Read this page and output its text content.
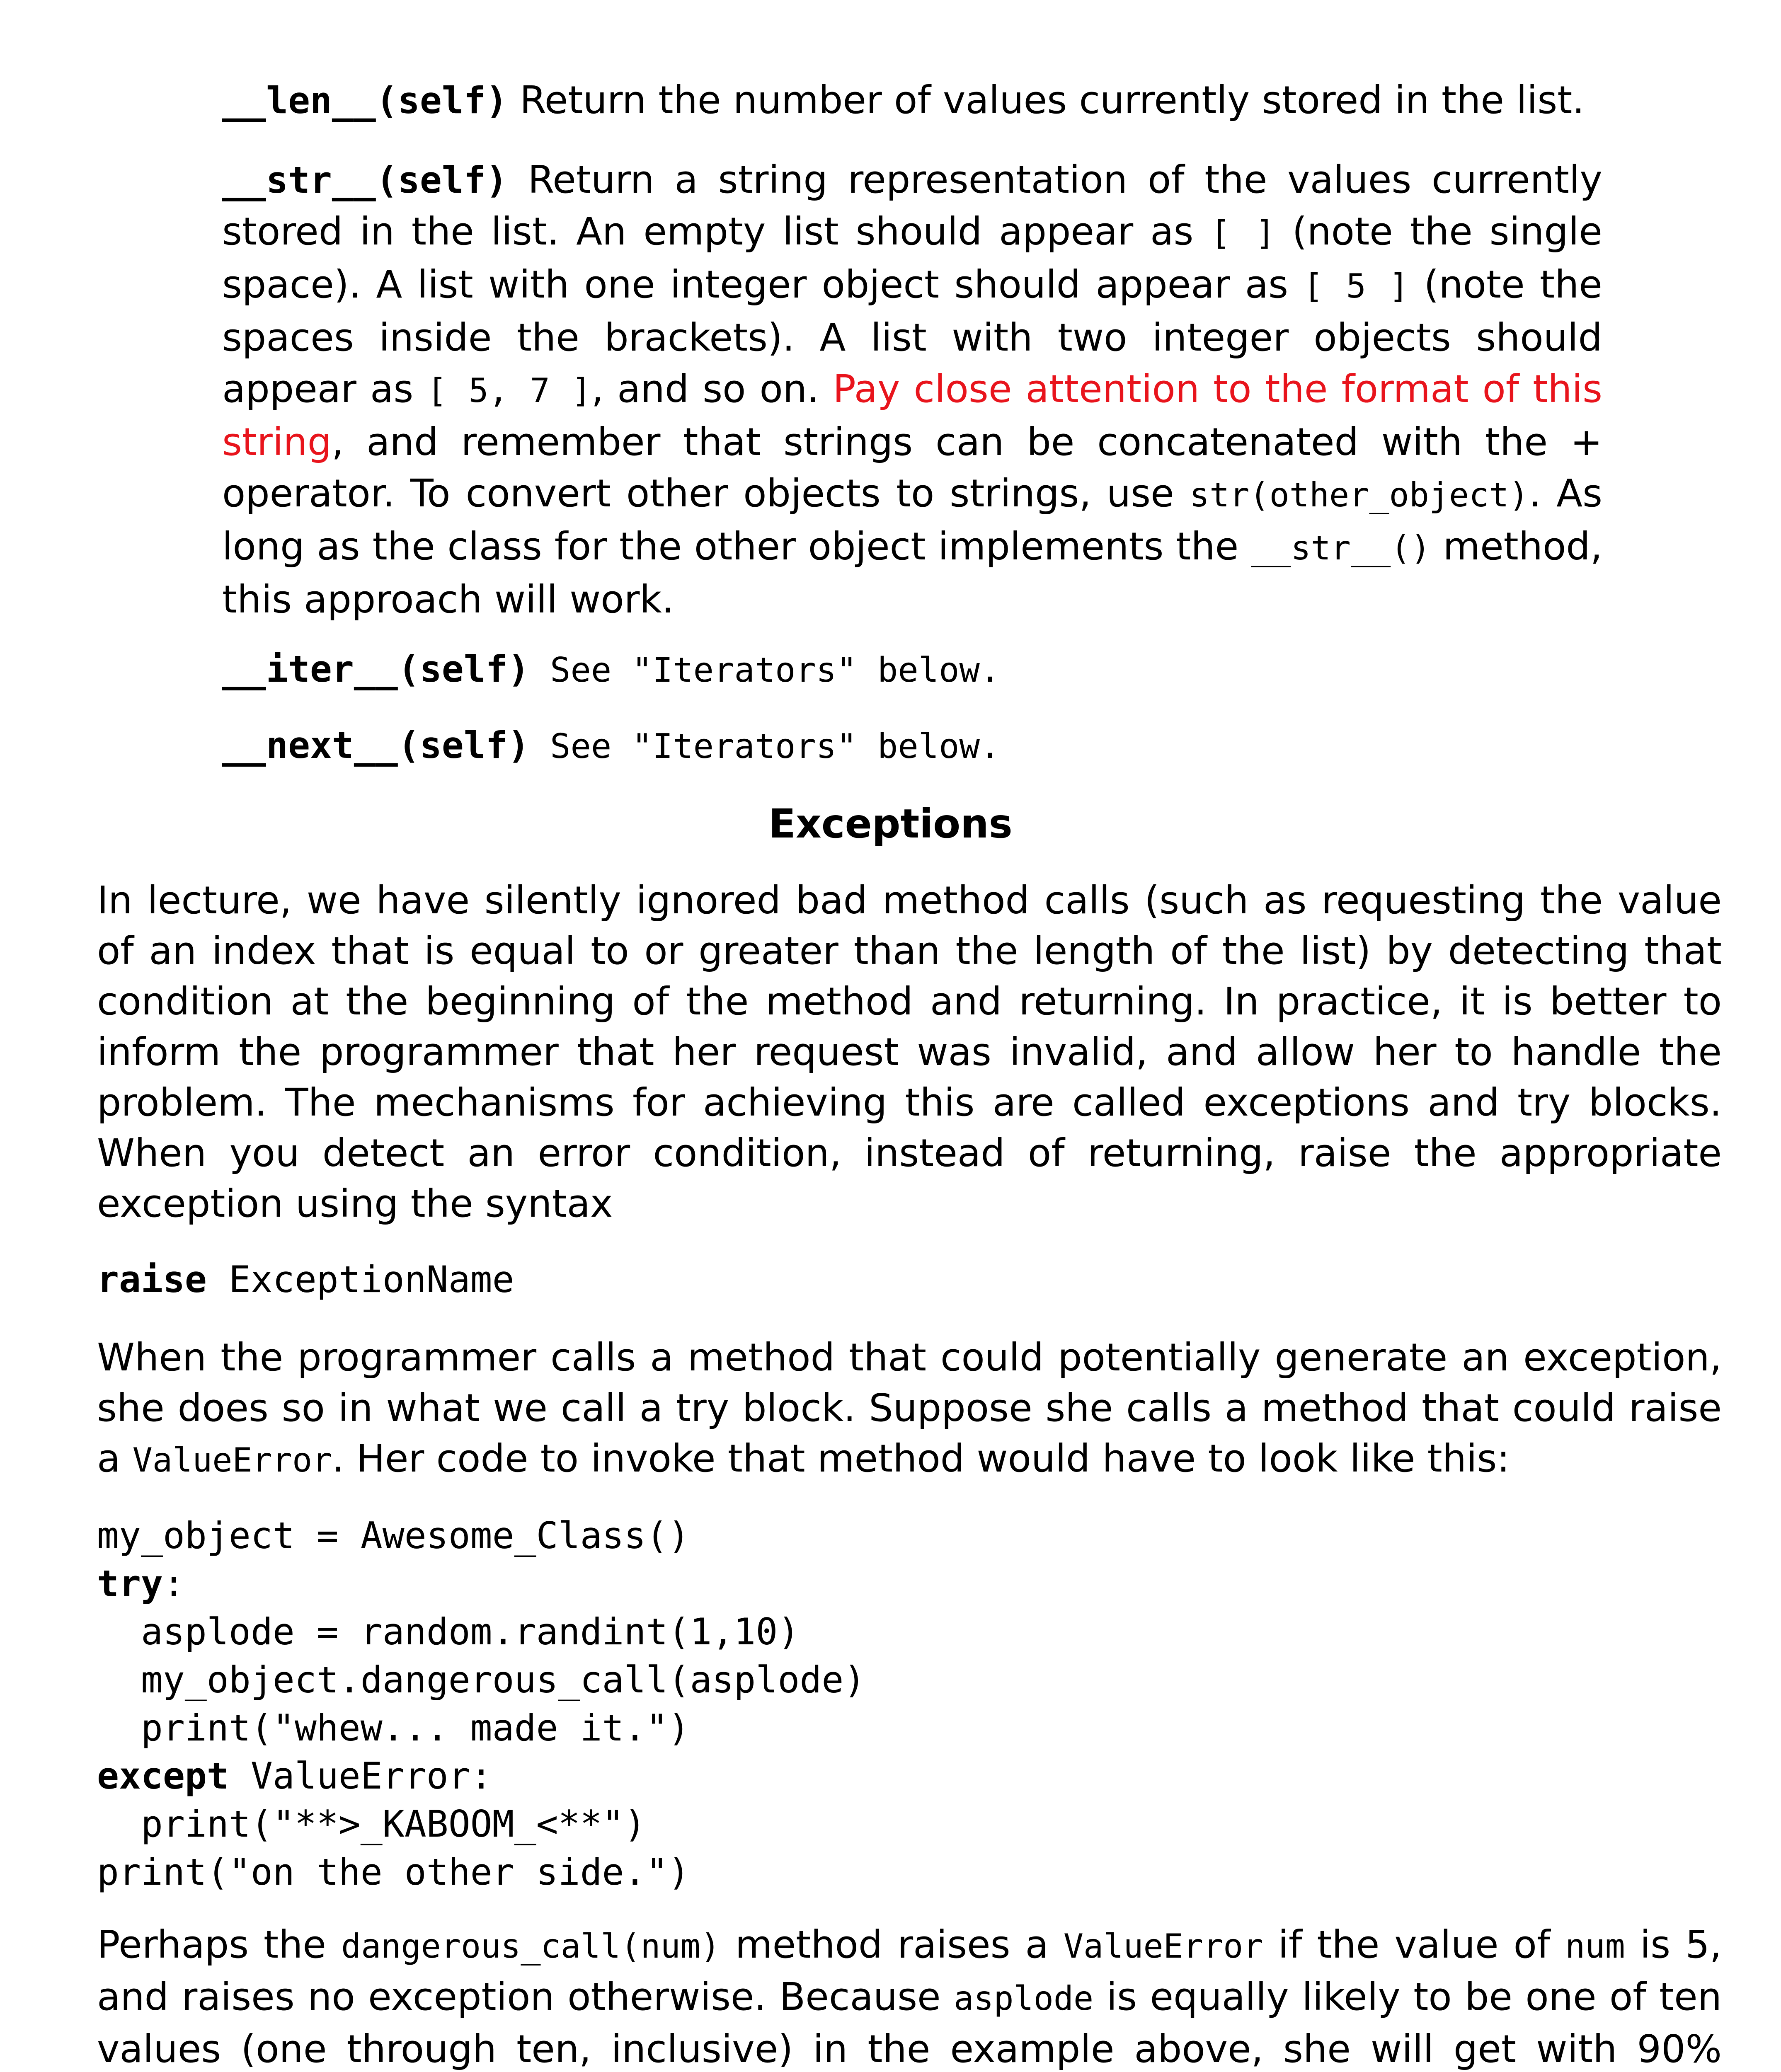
__len__(self) Return the number of values currently stored in the list.
__str__(self) Return a string representation of the values currently stored in the list. An empty list should appear as [ ] (note the single space). A list with one integer object should appear as [ 5 ] (note the spaces inside the brackets). A list with two integer objects should appear as [ 5, 7 ], and so on. Pay close attention to the format of this string, and remember that strings can be concatenated with the + operator. To convert other objects to strings, use str(other_object). As long as the class for the other object implements the __str__() method, this approach will work.
__iter__(self) See "Iterators" below.
__next__(self) See "Iterators" below.
Exceptions
In lecture, we have silently ignored bad method calls (such as requesting the value of an index that is equal to or greater than the length of the list) by detecting that condition at the beginning of the method and returning. In practice, it is better to inform the programmer that her request was invalid, and allow her to handle the problem. The mechanisms for achieving this are called exceptions and try blocks. When you detect an error condition, instead of returning, raise the appropriate exception using the syntax
raise ExceptionName
When the programmer calls a method that could potentially generate an exception, she does so in what we call a try block. Suppose she calls a method that could raise a ValueError. Her code to invoke that method would have to look like this:
my_object = Awesome_Class()
try:
asplode = random.randint(1,10)
my_object.dangerous_call(asplode)
print("whew... made it.")
except ValueError:
print("**>_KABOOM_<**")
print("on the other side.")
Perhaps the dangerous_call(num) method raises a ValueError if the value of num is 5, and raises no exception otherwise. Because asplode is equally likely to be one of ten values (one through ten, inclusive) in the example above, she will get with 90%
